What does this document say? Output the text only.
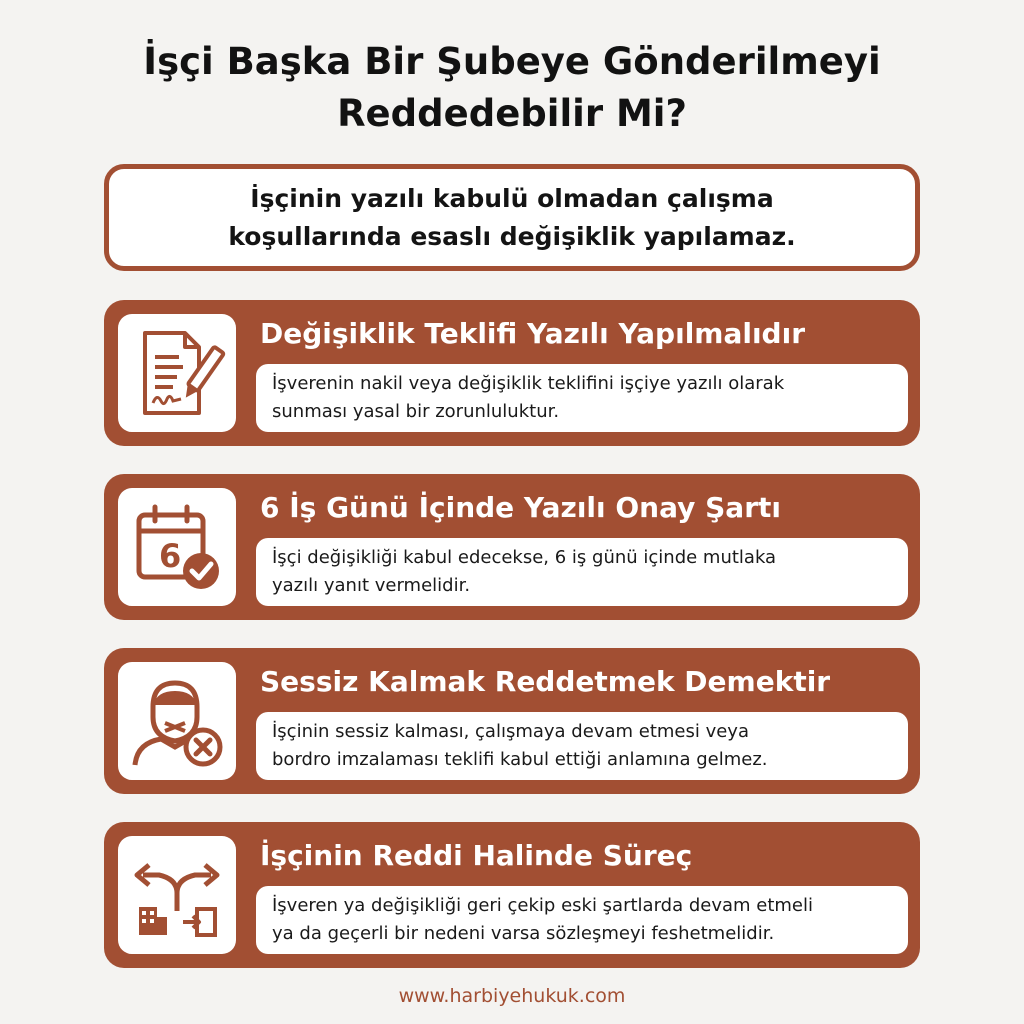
İşçi Başka Bir Şubeye Gönderilmeyi
Reddedebilir Mi?
İşçinin yazılı kabulü olmadan çalışma
koşullarında esaslı değişiklik yapılamaz.
Değişiklik Teklifi Yazılı Yapılmalıdır
İşverenin nakil veya değişiklik teklifini işçiye yazılı olarak
sunması yasal bir zorunluluktur.
6
6 İş Günü İçinde Yazılı Onay Şartı
İşçi değişikliği kabul edecekse, 6 iş günü içinde mutlaka
yazılı yanıt vermelidir.
Sessiz Kalmak Reddetmek Demektir
İşçinin sessiz kalması, çalışmaya devam etmesi veya
bordro imzalaması teklifi kabul ettiği anlamına gelmez.
İşçinin Reddi Halinde Süreç
İşveren ya değişikliği geri çekip eski şartlarda devam etmeli
ya da geçerli bir nedeni varsa sözleşmeyi feshetmelidir.
www.harbiyehukuk.com
